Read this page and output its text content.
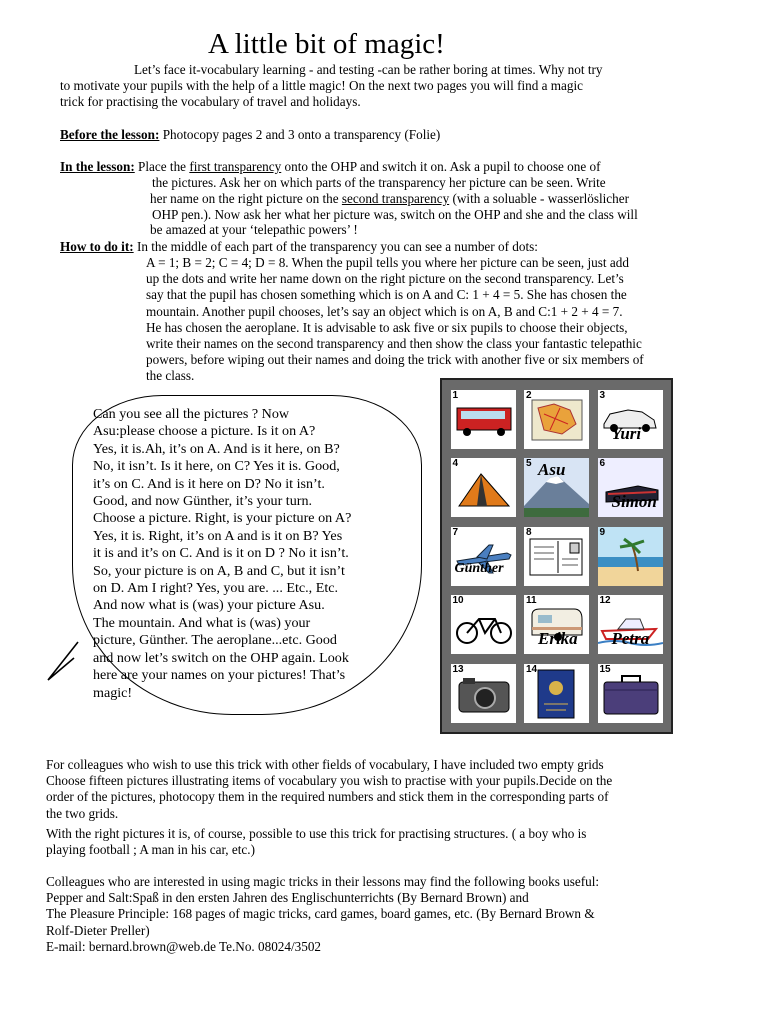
A little bit of magic!
Let’s face it-vocabulary learning - and testing -can be rather boring at times. Why not try
to motivate your pupils with the help of a little magic! On the next two pages you will find a magic
trick for practising the vocabulary of travel and holidays.
Before the lesson: Photocopy pages 2 and 3 onto a transparency (Folie)
In the lesson: Place the first transparency onto the OHP and switch it on. Ask a pupil to choose one of
the pictures. Ask her on which parts of the transparency her picture can be seen. Write
her name on the right picture on the second transparency (with a soluable - wasserlöslicher
OHP pen.). Now ask her what her picture was, switch on the OHP and she and the class will
be amazed at your ‘telepathic powers’ !
How to do it: In the middle of each part of the transparency you can see a number of dots:
A = 1; B = 2; C = 4; D = 8. When the pupil tells you where her picture can be seen, just add
up the dots and write her name down on the right picture on the second transparency. Let’s
say that the pupil has chosen something which is on A and C: 1 + 4 = 5. She has chosen the
mountain. Another pupil chooses, let’s say an object which is on A, B and C:1 + 2 + 4 = 7.
He has chosen the aeroplane. It is advisable to ask five or six pupils to choose their objects,
write their names on the second transparency and then show the class your fantastic telepathic
powers, before wiping out their names and doing the trick with another five or six members of
the class.
Can you see all the pictures ? Now
Asu:please choose a picture. Is it on A?
Yes, it is.Ah, it’s on A. And is it here, on B?
No, it isn’t. Is it here, on C? Yes it is. Good,
it’s on C. And is it here on D? No it isn’t.
Good, and now Günther, it’s your turn.
Choose a picture. Right, is your picture on A?
Yes, it is. Right, it’s on A and is it on B? Yes
it is and it’s on C. And is it on D ? No it isn’t.
So, your picture is on A, B and C, but it isn’t
on D. Am I right? Yes, you are. ... Etc., Etc.
And now what is (was) your picture Asu.
The mountain. And what is (was) your
picture, Günther. The aeroplane...etc. Good
and now let’s switch on the OHP again. Look
here are your names on your pictures! That’s
magic!
1	2	3
Yuri
4	5 Asu	6
Simon
7
Günther
8	9
10	11
Erika
12
Petra
13	14	15
For colleagues who wish to use this trick with other fields of vocabulary, I have included two empty grids
Choose fifteen pictures illustrating items of vocabulary you wish to practise with your pupils.Decide on the
order of the pictures, photocopy them in the required numbers and stick them in the corresponding parts of
the two grids.
With the right pictures it is, of course, possible to use this trick for practising structures. ( a boy who is
playing football ; A man in his car, etc.)
Colleagues who are interested in using magic tricks in their lessons may find the following books useful:
Pepper and Salt:Spaß in den ersten Jahren des Englischunterrichts (By Bernard Brown) and
The Pleasure Principle: 168 pages of magic tricks, card games, board games, etc. (By Bernard Brown &
Rolf-Dieter Preller)
E-mail: bernard.brown@web.de Te.No. 08024/3502
